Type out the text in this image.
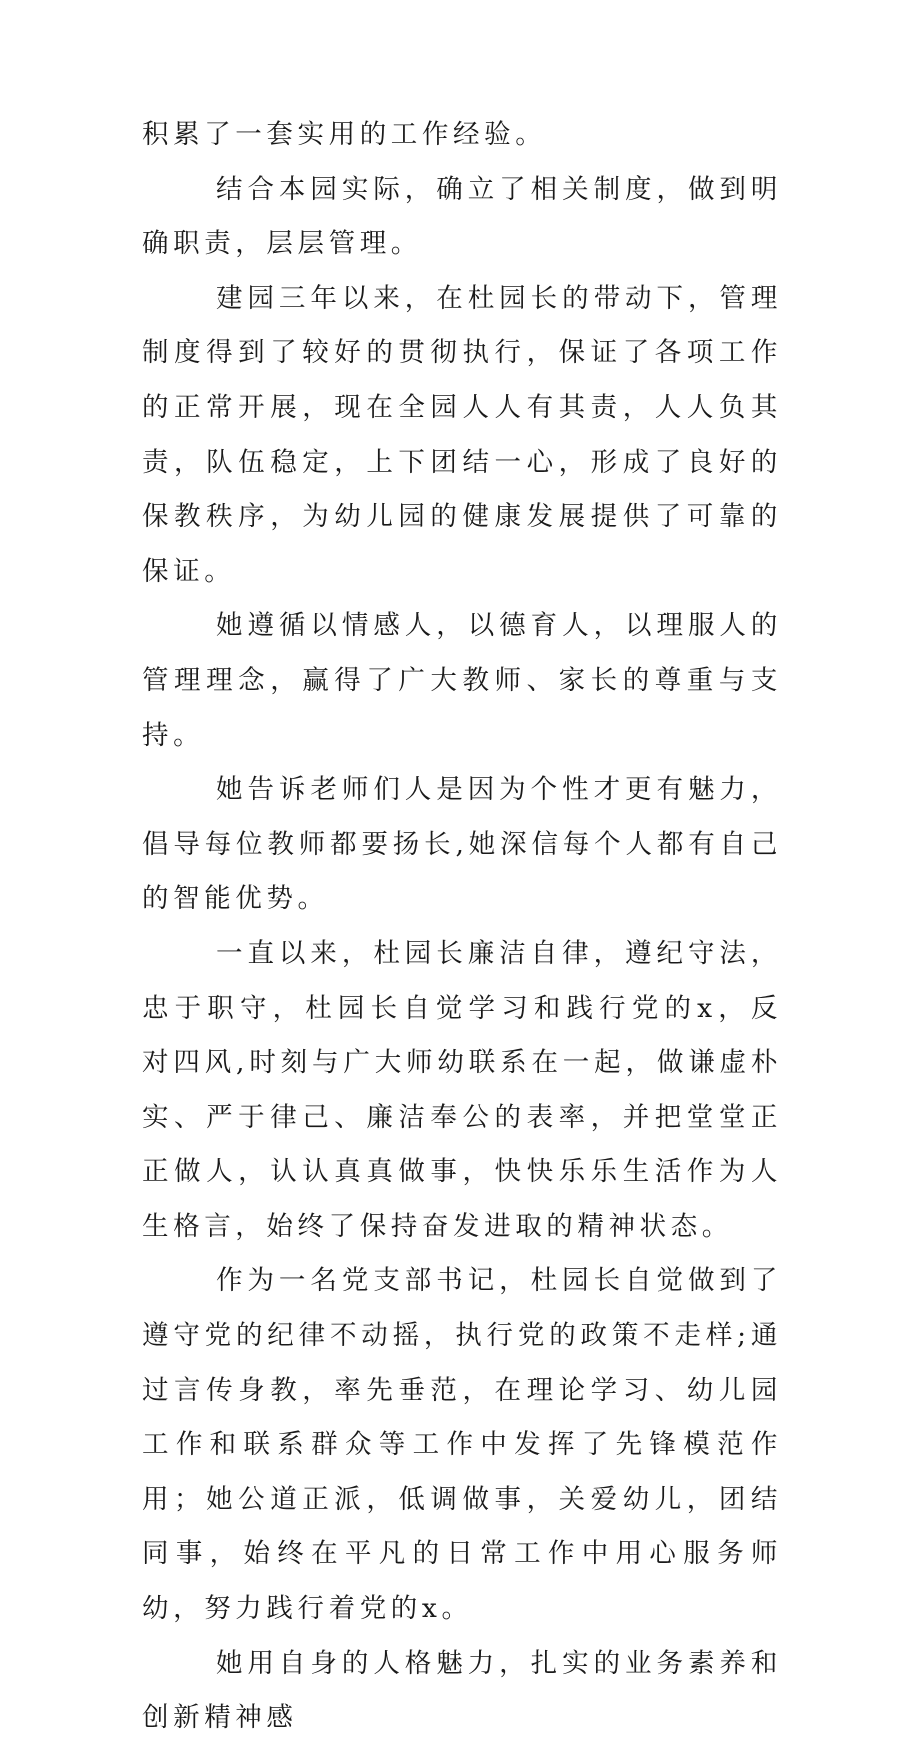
积累了一套实用的工作经验。

结合本园实际，确立了相关制度，做到明确职责，层层管理。

建园三年以来，在杜园长的带动下，管理制度得到了较好的贯彻执行，保证了各项工作的正常开展，现在全园人人有其责，人人负其责，队伍稳定，上下团结一心，形成了良好的保教秩序，为幼儿园的健康发展提供了可靠的保证。

她遵循以情感人，以德育人，以理服人的管理理念，赢得了广大教师、家长的尊重与支持。

她告诉老师们人是因为个性才更有魅力，倡导每位教师都要扬长,她深信每个人都有自己的智能优势。

一直以来，杜园长廉洁自律，遵纪守法，忠于职守，杜园长自觉学习和践行党的x，反对四风,时刻与广大师幼联系在一起，做谦虚朴实、严于律己、廉洁奉公的表率，并把堂堂正正做人，认认真真做事，快快乐乐生活作为人生格言，始终了保持奋发进取的精神状态。

作为一名党支部书记，杜园长自觉做到了遵守党的纪律不动摇，执行党的政策不走样;通过言传身教，率先垂范，在理论学习、幼儿园工作和联系群众等工作中发挥了先锋模范作用；她公道正派，低调做事，关爱幼儿，团结同事，始终在平凡的日常工作中用心服务师幼，努力践行着党的x。

她用自身的人格魅力，扎实的业务素养和创新精神感
